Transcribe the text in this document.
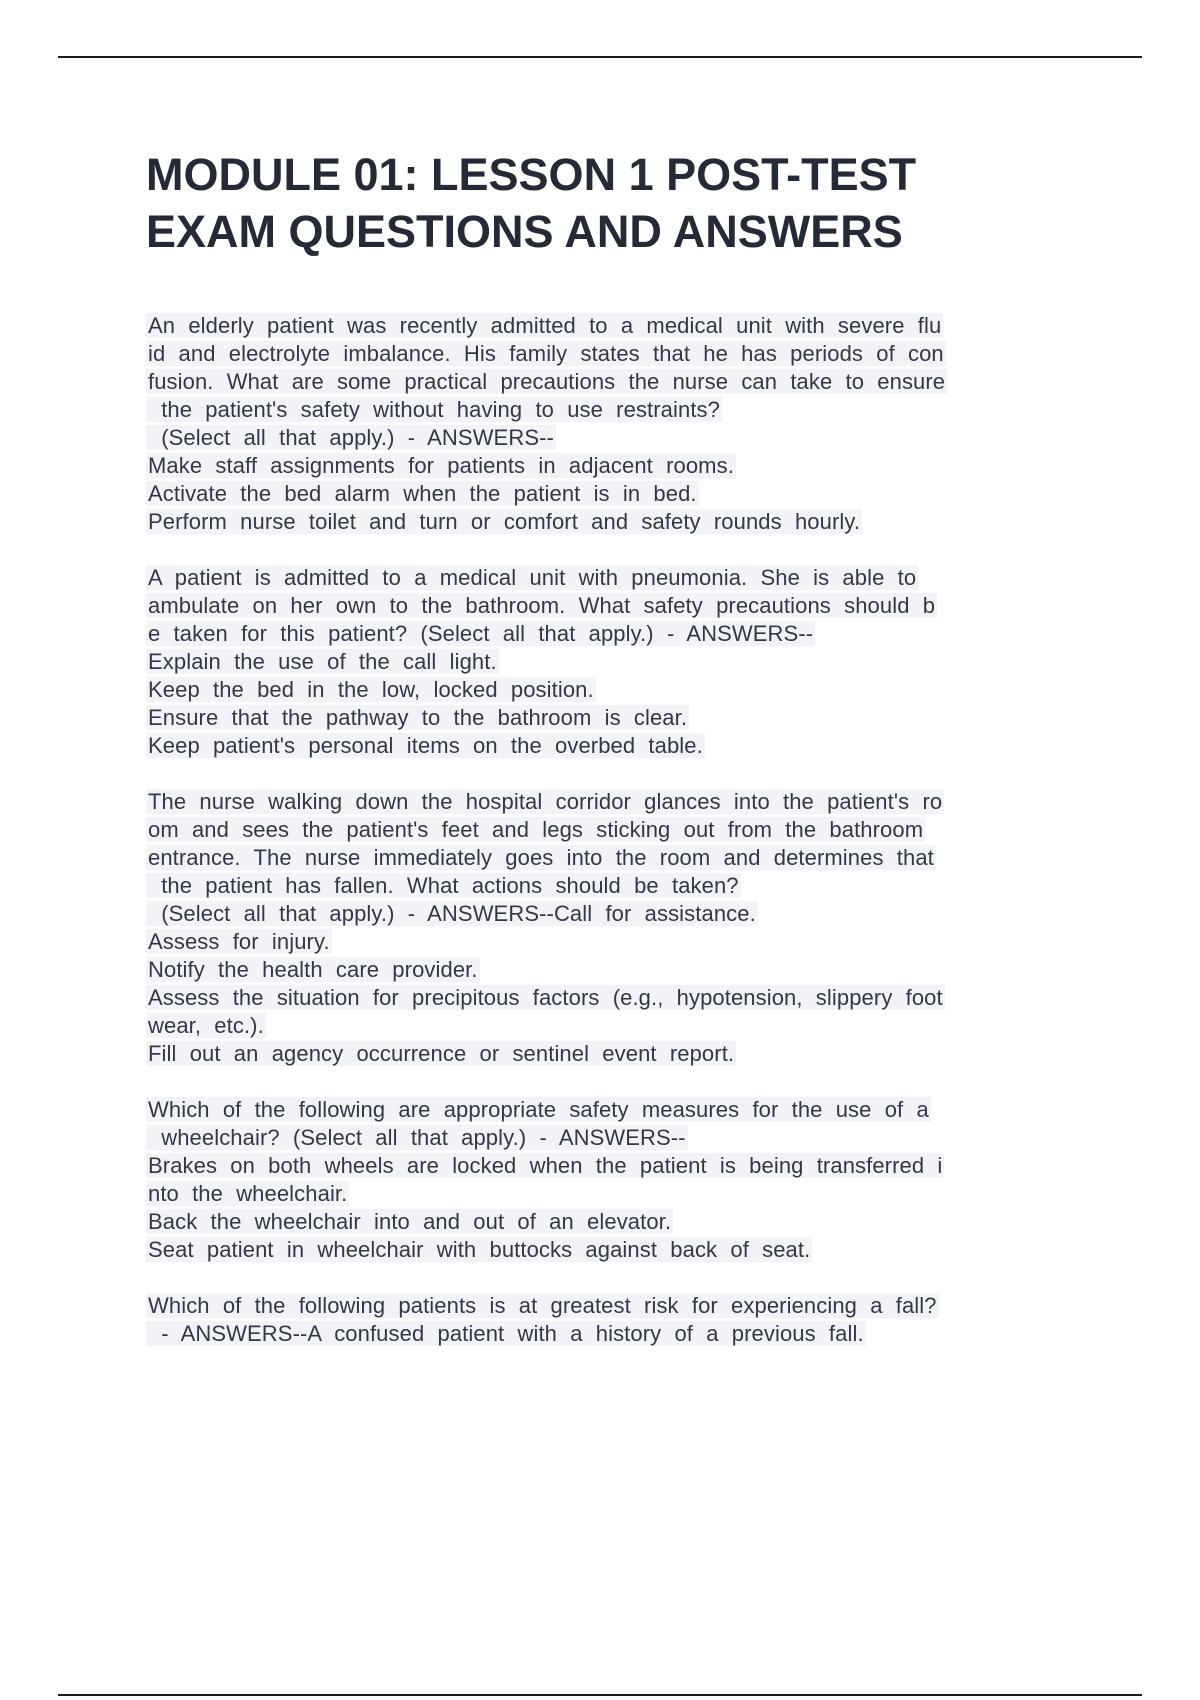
MODULE 01: LESSON 1 POST-TEST
EXAM QUESTIONS AND ANSWERS
An elderly patient was recently admitted to a medical unit with severe flu
id and electrolyte imbalance. His family states that he has periods of con
fusion. What are some practical precautions the nurse can take to ensure
the patient's safety without having to use restraints?
(Select all that apply.) - ANSWERS--
Make staff assignments for patients in adjacent rooms.
Activate the bed alarm when the patient is in bed.
Perform nurse toilet and turn or comfort and safety rounds hourly.
A patient is admitted to a medical unit with pneumonia. She is able to
ambulate on her own to the bathroom. What safety precautions should b
e taken for this patient? (Select all that apply.) - ANSWERS--
Explain the use of the call light.
Keep the bed in the low, locked position.
Ensure that the pathway to the bathroom is clear.
Keep patient's personal items on the overbed table.
The nurse walking down the hospital corridor glances into the patient's ro
om and sees the patient's feet and legs sticking out from the bathroom
entrance. The nurse immediately goes into the room and determines that
the patient has fallen. What actions should be taken?
(Select all that apply.) - ANSWERS--Call for assistance.
Assess for injury.
Notify the health care provider.
Assess the situation for precipitous factors (e.g., hypotension, slippery foot
wear, etc.).
Fill out an agency occurrence or sentinel event report.
Which of the following are appropriate safety measures for the use of a
wheelchair? (Select all that apply.) - ANSWERS--
Brakes on both wheels are locked when the patient is being transferred i
nto the wheelchair.
Back the wheelchair into and out of an elevator.
Seat patient in wheelchair with buttocks against back of seat.
Which of the following patients is at greatest risk for experiencing a fall?
- ANSWERS--A confused patient with a history of a previous fall.
